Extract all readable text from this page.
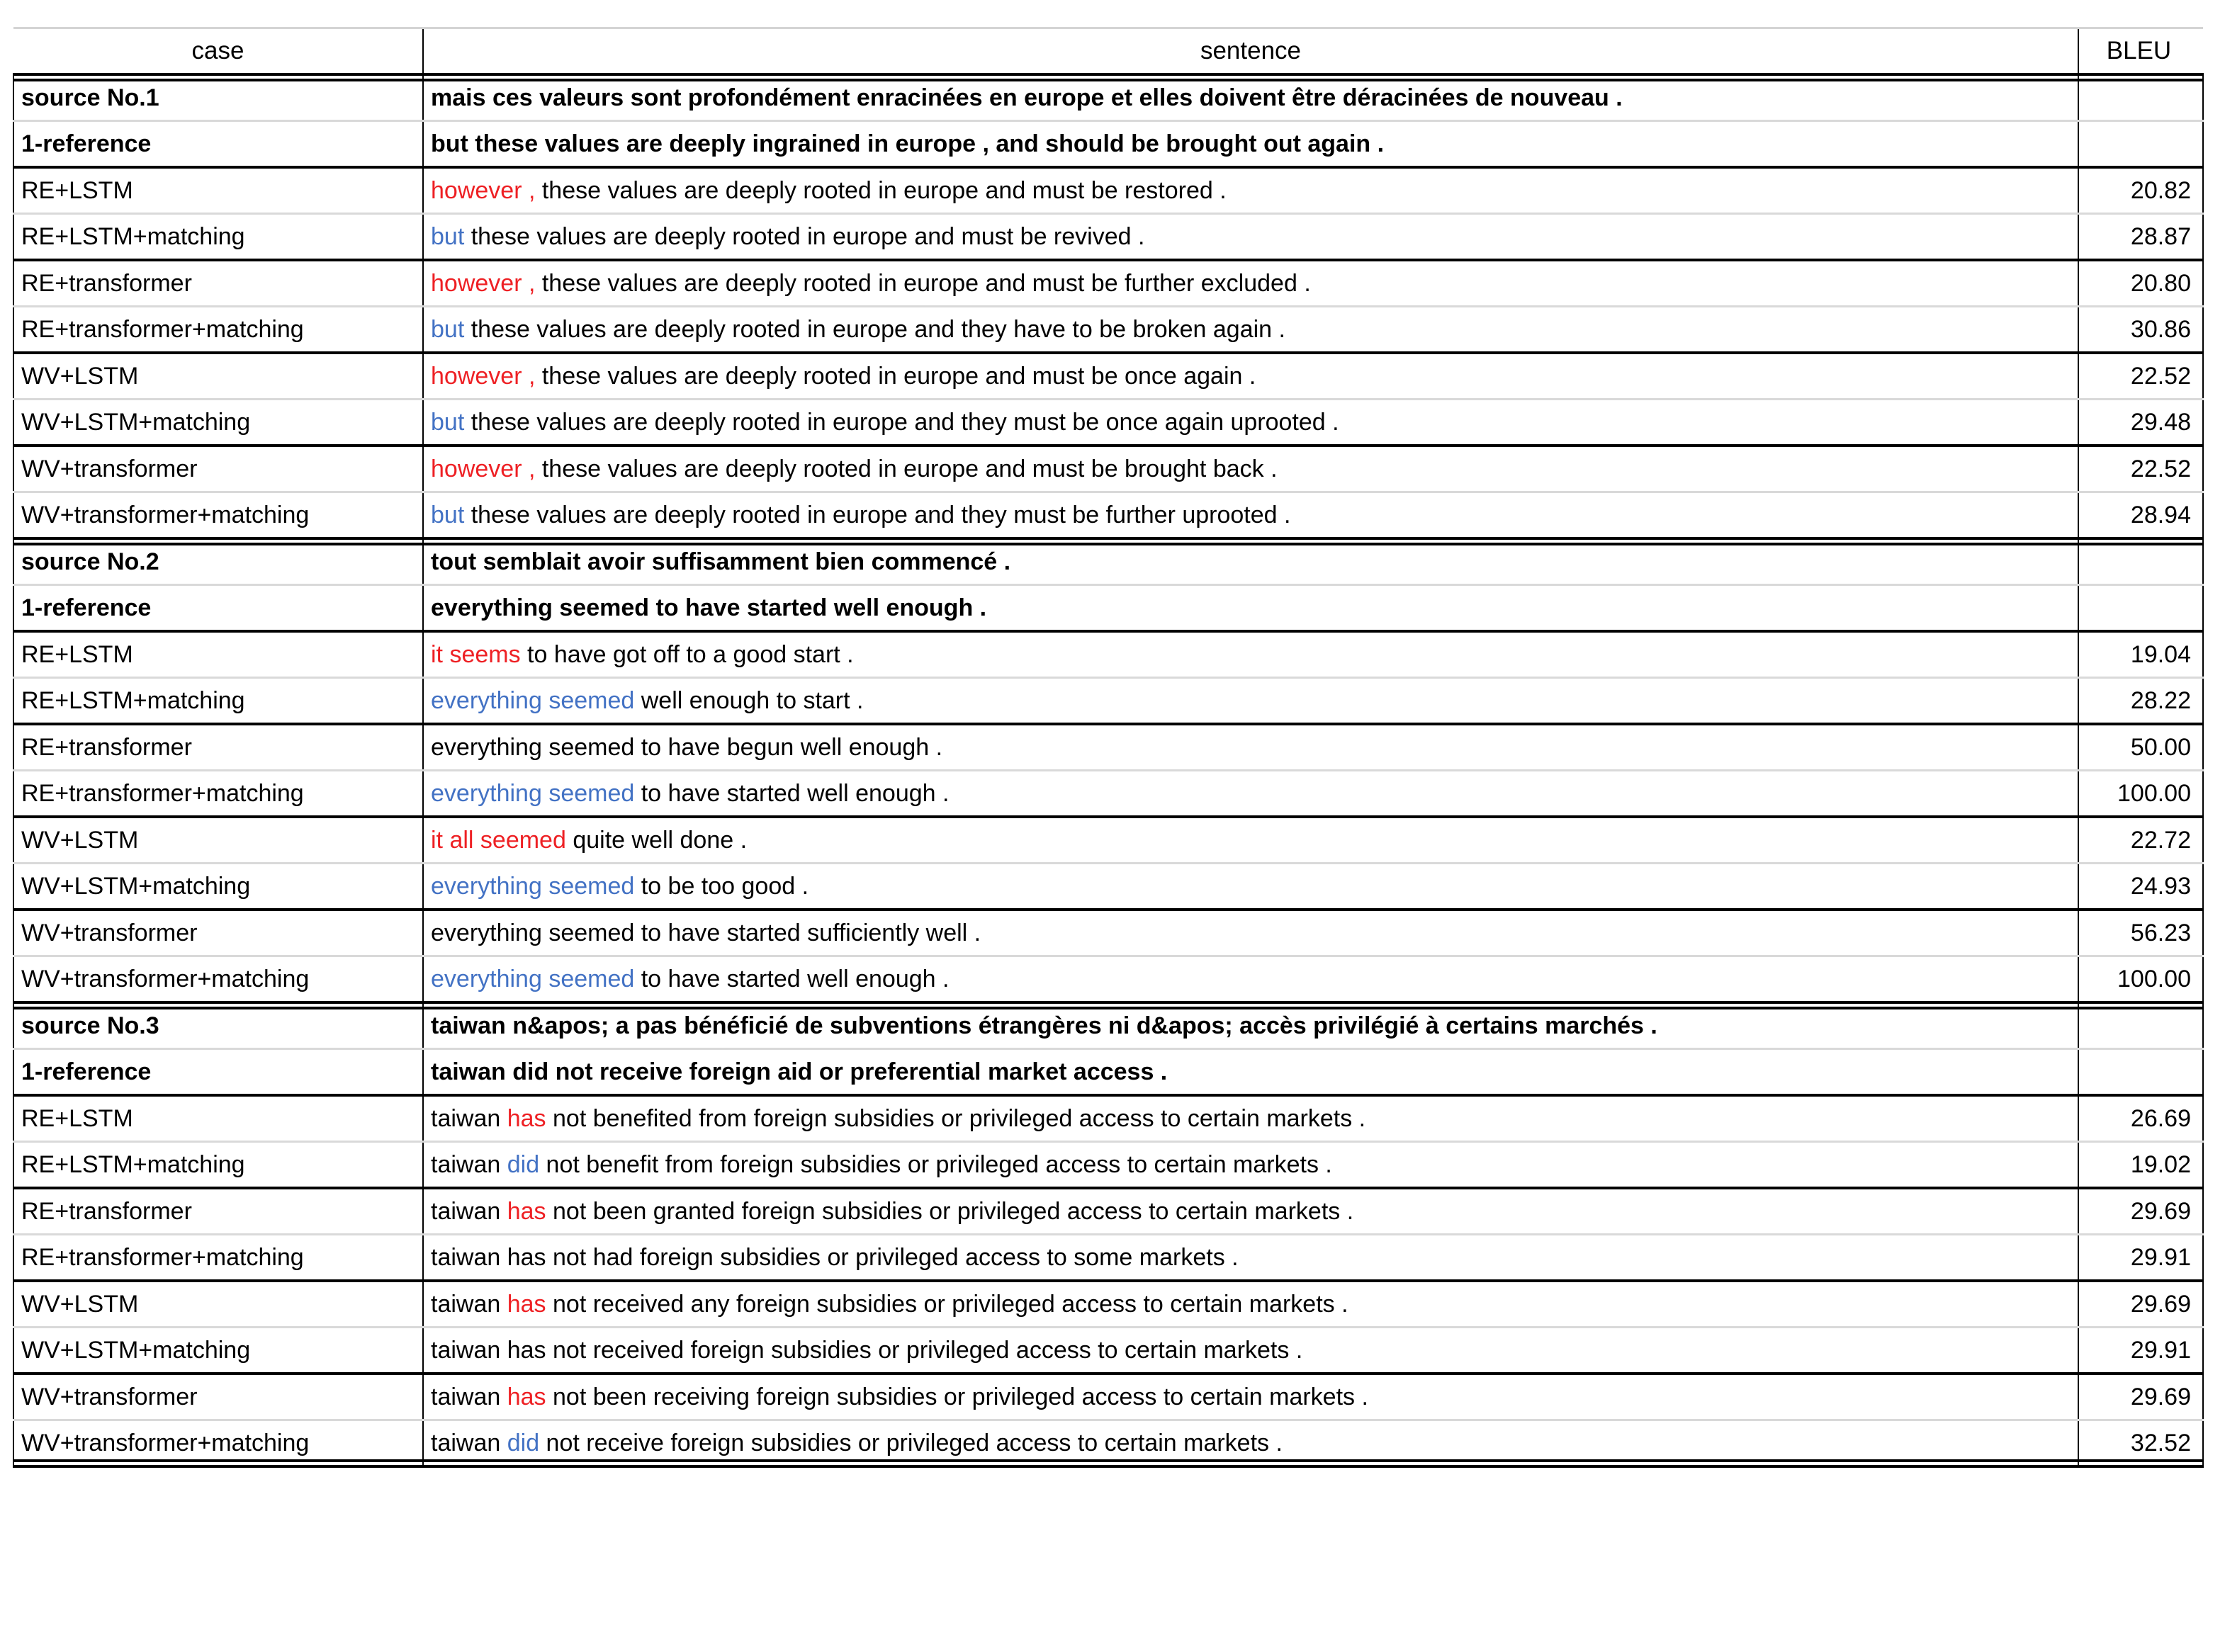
case	sentence	BLEU
source No.1	mais ces valeurs sont profondément enracinées en europe et elles doivent être déracinées de nouveau .	
1-reference	but these values are deeply ingrained in europe , and should be brought out again .	
RE+LSTM	however , these values are deeply rooted in europe and must be restored .	20.82
RE+LSTM+matching	but these values are deeply rooted in europe and must be revived .	28.87
RE+transformer	however , these values are deeply rooted in europe and must be further excluded .	20.80
RE+transformer+matching	but these values are deeply rooted in europe and they have to be broken again .	30.86
WV+LSTM	however , these values are deeply rooted in europe and must be once again .	22.52
WV+LSTM+matching	but these values are deeply rooted in europe and they must be once again uprooted .	29.48
WV+transformer	however , these values are deeply rooted in europe and must be brought back .	22.52
WV+transformer+matching	but these values are deeply rooted in europe and they must be further uprooted .	28.94
source No.2	tout semblait avoir suffisamment bien commencé .	
1-reference	everything seemed to have started well enough .	
RE+LSTM	it seems to have got off to a good start .	19.04
RE+LSTM+matching	everything seemed well enough to start .	28.22
RE+transformer	everything seemed to have begun well enough .	50.00
RE+transformer+matching	everything seemed to have started well enough .	100.00
WV+LSTM	it all seemed quite well done .	22.72
WV+LSTM+matching	everything seemed to be too good .	24.93
WV+transformer	everything seemed to have started sufficiently well .	56.23
WV+transformer+matching	everything seemed to have started well enough .	100.00
source No.3	taiwan n&apos; a pas bénéficié de subventions étrangères ni d&apos; accès privilégié à certains marchés .	
1-reference	taiwan did not receive foreign aid or preferential market access .	
RE+LSTM	taiwan has not benefited from foreign subsidies or privileged access to certain markets .	26.69
RE+LSTM+matching	taiwan did not benefit from foreign subsidies or privileged access to certain markets .	19.02
RE+transformer	taiwan has not been granted foreign subsidies or privileged access to certain markets .	29.69
RE+transformer+matching	taiwan has not had foreign subsidies or privileged access to some markets .	29.91
WV+LSTM	taiwan has not received any foreign subsidies or privileged access to certain markets .	29.69
WV+LSTM+matching	taiwan has not received foreign subsidies or privileged access to certain markets .	29.91
WV+transformer	taiwan has not been receiving foreign subsidies or privileged access to certain markets .	29.69
WV+transformer+matching	taiwan did not receive foreign subsidies or privileged access to certain markets .	32.52
